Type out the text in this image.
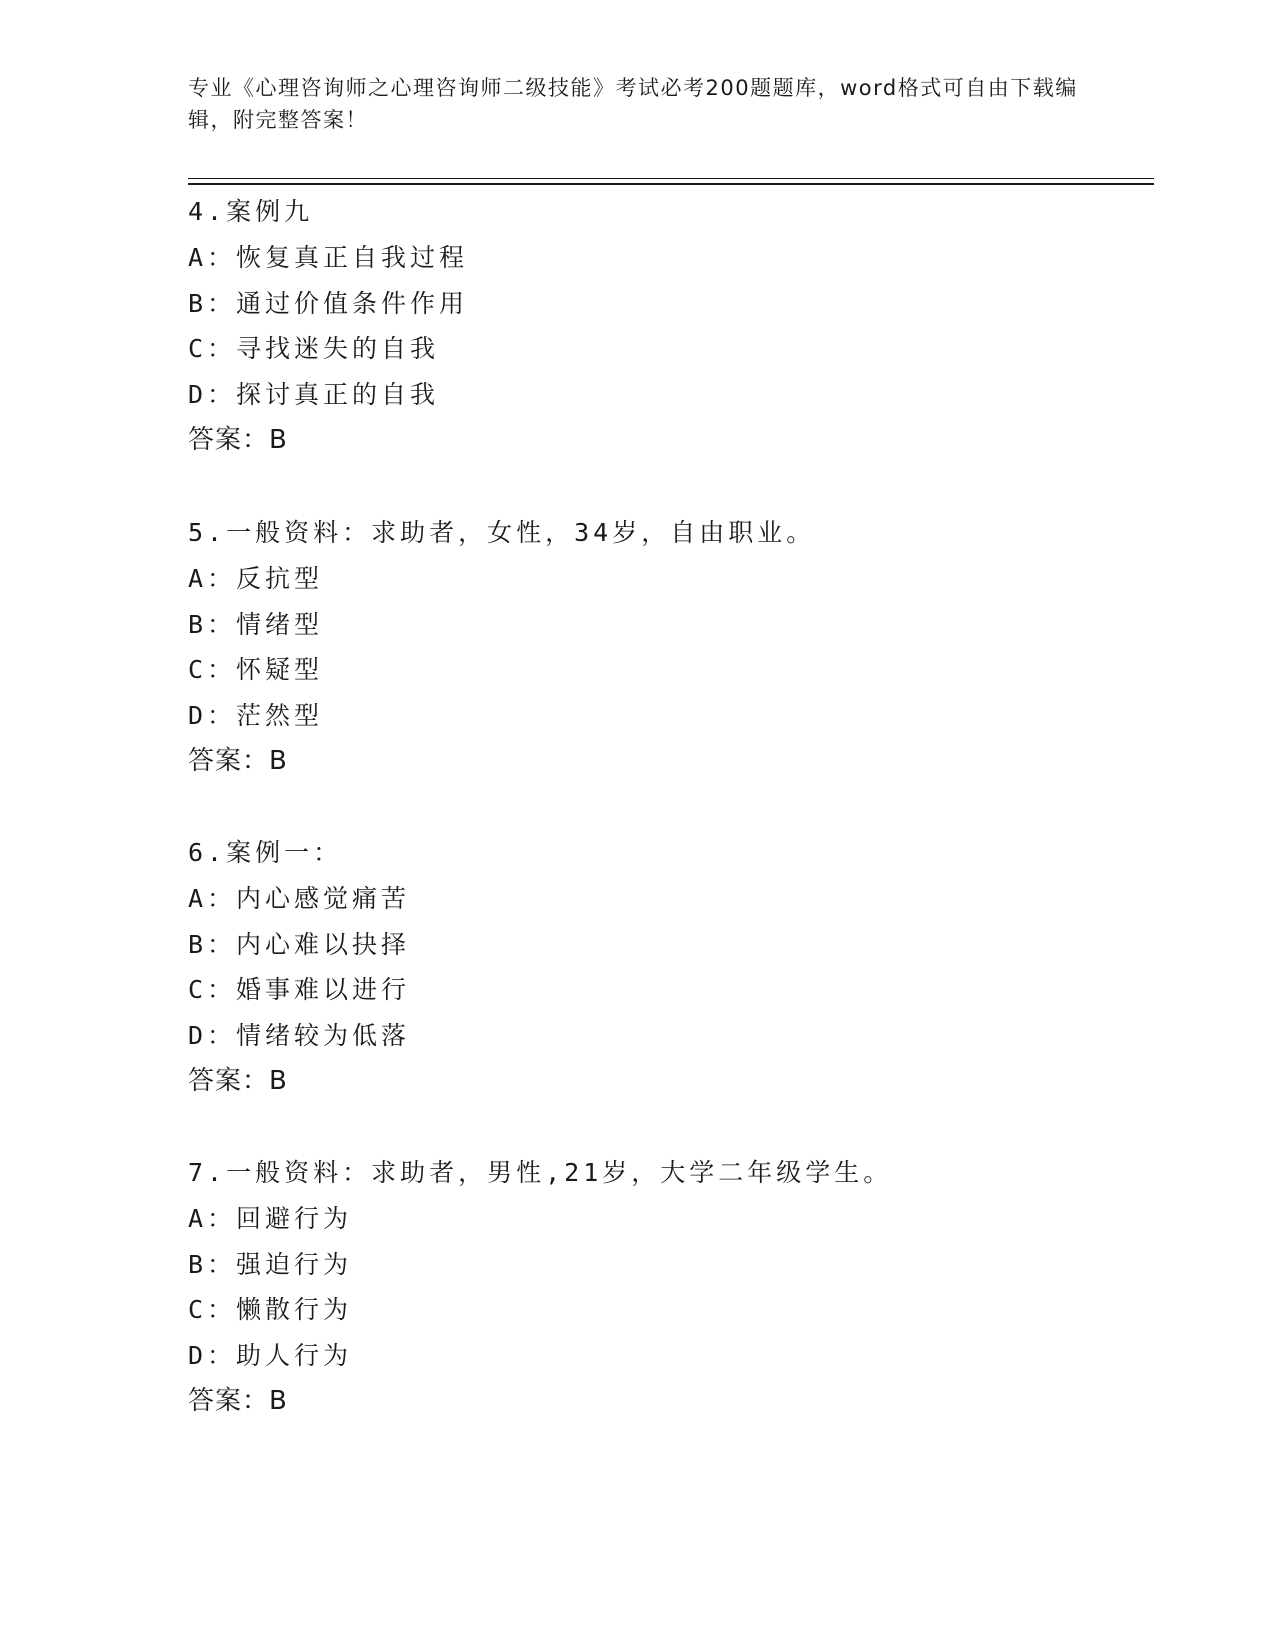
专业《心理咨询师之心理咨询师二级技能》考试必考200题题库，word格式可自由下载编辑，附完整答案！
4.案例九
A：恢复真正自我过程
B：通过价值条件作用
C：寻找迷失的自我
D：探讨真正的自我
答案：B
5.一般资料：求助者，女性，34岁，自由职业。
A：反抗型
B：情绪型
C：怀疑型
D：茫然型
答案：B
6.案例一：
A：内心感觉痛苦
B：内心难以抉择
C：婚事难以进行
D：情绪较为低落
答案：B
7.一般资料：求助者，男性,21岁，大学二年级学生。
A：回避行为
B：强迫行为
C：懒散行为
D：助人行为
答案：B
